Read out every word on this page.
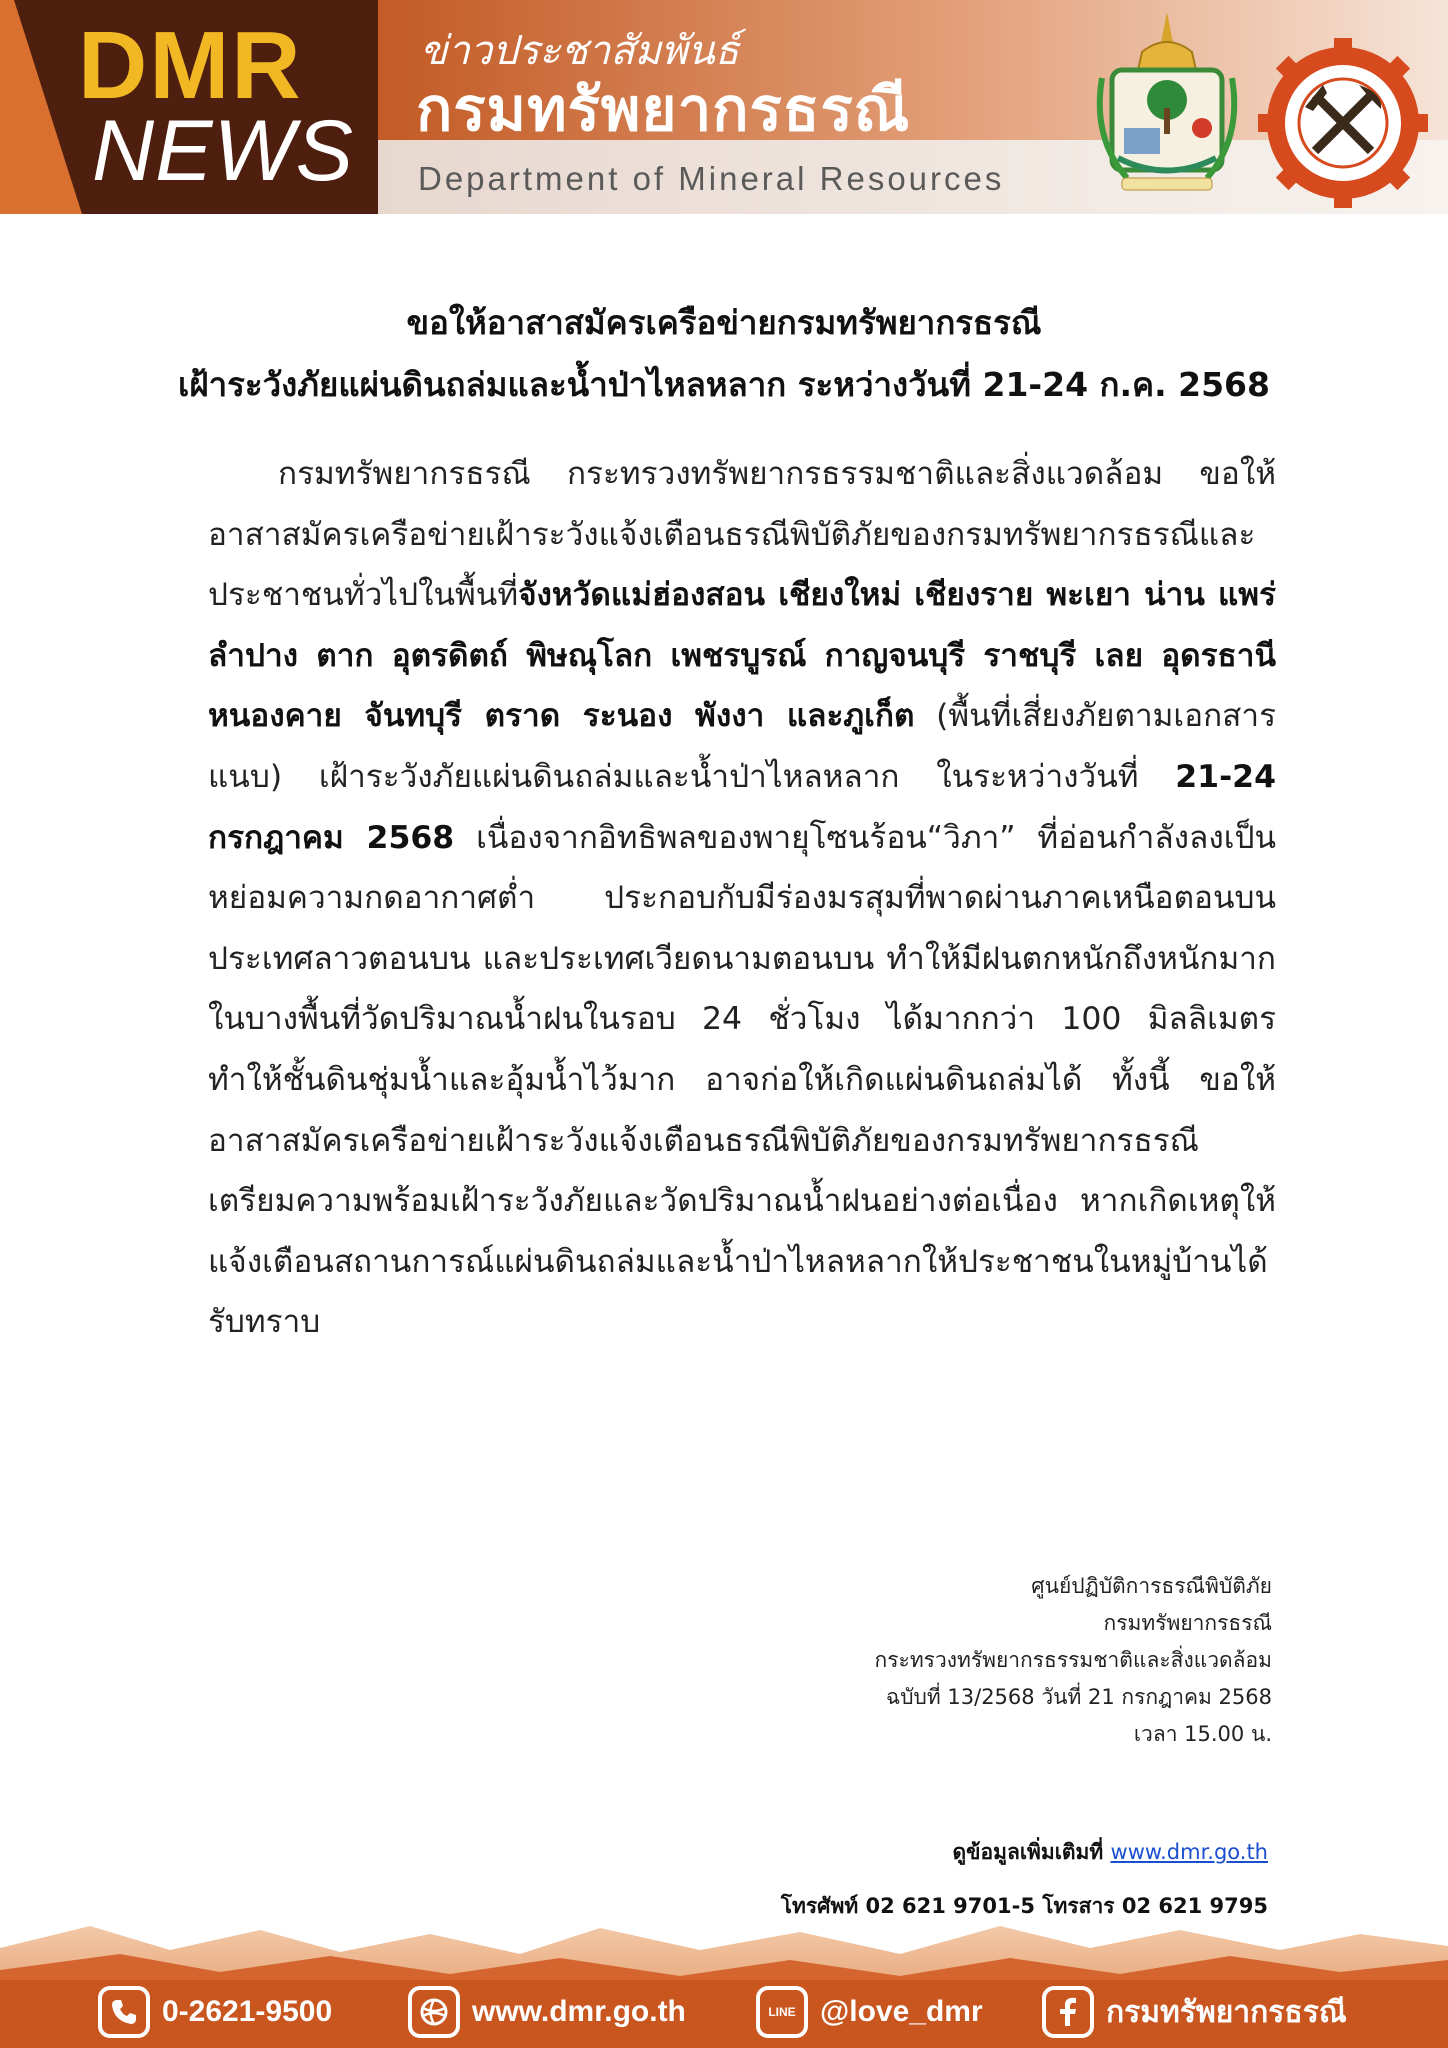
DMR
NEWS
ข่าวประชาสัมพันธ์
กรมทรัพยากรธรณี
Department of Mineral Resources
ขอให้อาสาสมัครเครือข่ายกรมทรัพยากรธรณี
เฝ้าระวังภัยแผ่นดินถล่มและน้ำป่าไหลหลาก ระหว่างวันที่ 21-24 ก.ค. 2568
กรมทรัพยากรธรณี กระทรวงทรัพยากรธรรมชาติและสิ่งแวดล้อม ขอให้อาสาสมัครเครือข่ายเฝ้าระวังแจ้งเตือนธรณีพิบัติภัยของกรมทรัพยากรธรณีและประชาชนทั่วไปในพื้นที่จังหวัดแม่ฮ่องสอน เชียงใหม่ เชียงราย พะเยา น่าน แพร่ ลำปาง ตาก อุตรดิตถ์ พิษณุโลก เพชรบูรณ์ กาญจนบุรี ราชบุรี เลย อุดรธานี หนองคาย จันทบุรี ตราด ระนอง พังงา และภูเก็ต (พื้นที่เสี่ยงภัยตามเอกสารแนบ) เฝ้าระวังภัยแผ่นดินถล่มและน้ำป่าไหลหลาก ในระหว่างวันที่ 21-24 กรกฎาคม 2568 เนื่องจากอิทธิพลของพายุโซนร้อน“วิภา” ที่อ่อนกำลังลงเป็นหย่อมความกดอากาศต่ำ ประกอบกับมีร่องมรสุมที่พาดผ่านภาคเหนือตอนบน ประเทศลาวตอนบน และประเทศเวียดนามตอนบน ทำให้มีฝนตกหนักถึงหนักมากในบางพื้นที่วัดปริมาณน้ำฝนในรอบ 24 ชั่วโมง ได้มากกว่า 100 มิลลิเมตร ทำให้ชั้นดินชุ่มน้ำและอุ้มน้ำไว้มาก อาจก่อให้เกิดแผ่นดินถล่มได้ ทั้งนี้ ขอให้อาสาสมัครเครือข่ายเฝ้าระวังแจ้งเตือนธรณีพิบัติภัยของกรมทรัพยากรธรณีเตรียมความพร้อมเฝ้าระวังภัยและวัดปริมาณน้ำฝนอย่างต่อเนื่อง หากเกิดเหตุให้แจ้งเตือนสถานการณ์แผ่นดินถล่มและน้ำป่าไหลหลากให้ประชาชนในหมู่บ้านได้รับทราบ
ศูนย์ปฏิบัติการธรณีพิบัติภัย
กรมทรัพยากรธรณี
กระทรวงทรัพยากรธรรมชาติและสิ่งแวดล้อม
ฉบับที่ 13/2568 วันที่ 21 กรกฎาคม 2568
เวลา 15.00 น.
ดูข้อมูลเพิ่มเติมที่ www.dmr.go.th
โทรศัพท์ 02 621 9701-5 โทรสาร 02 621 9795
0-2621-9500	www.dmr.go.th	LINE @love_dmr	กรมทรัพยากรธรณี
